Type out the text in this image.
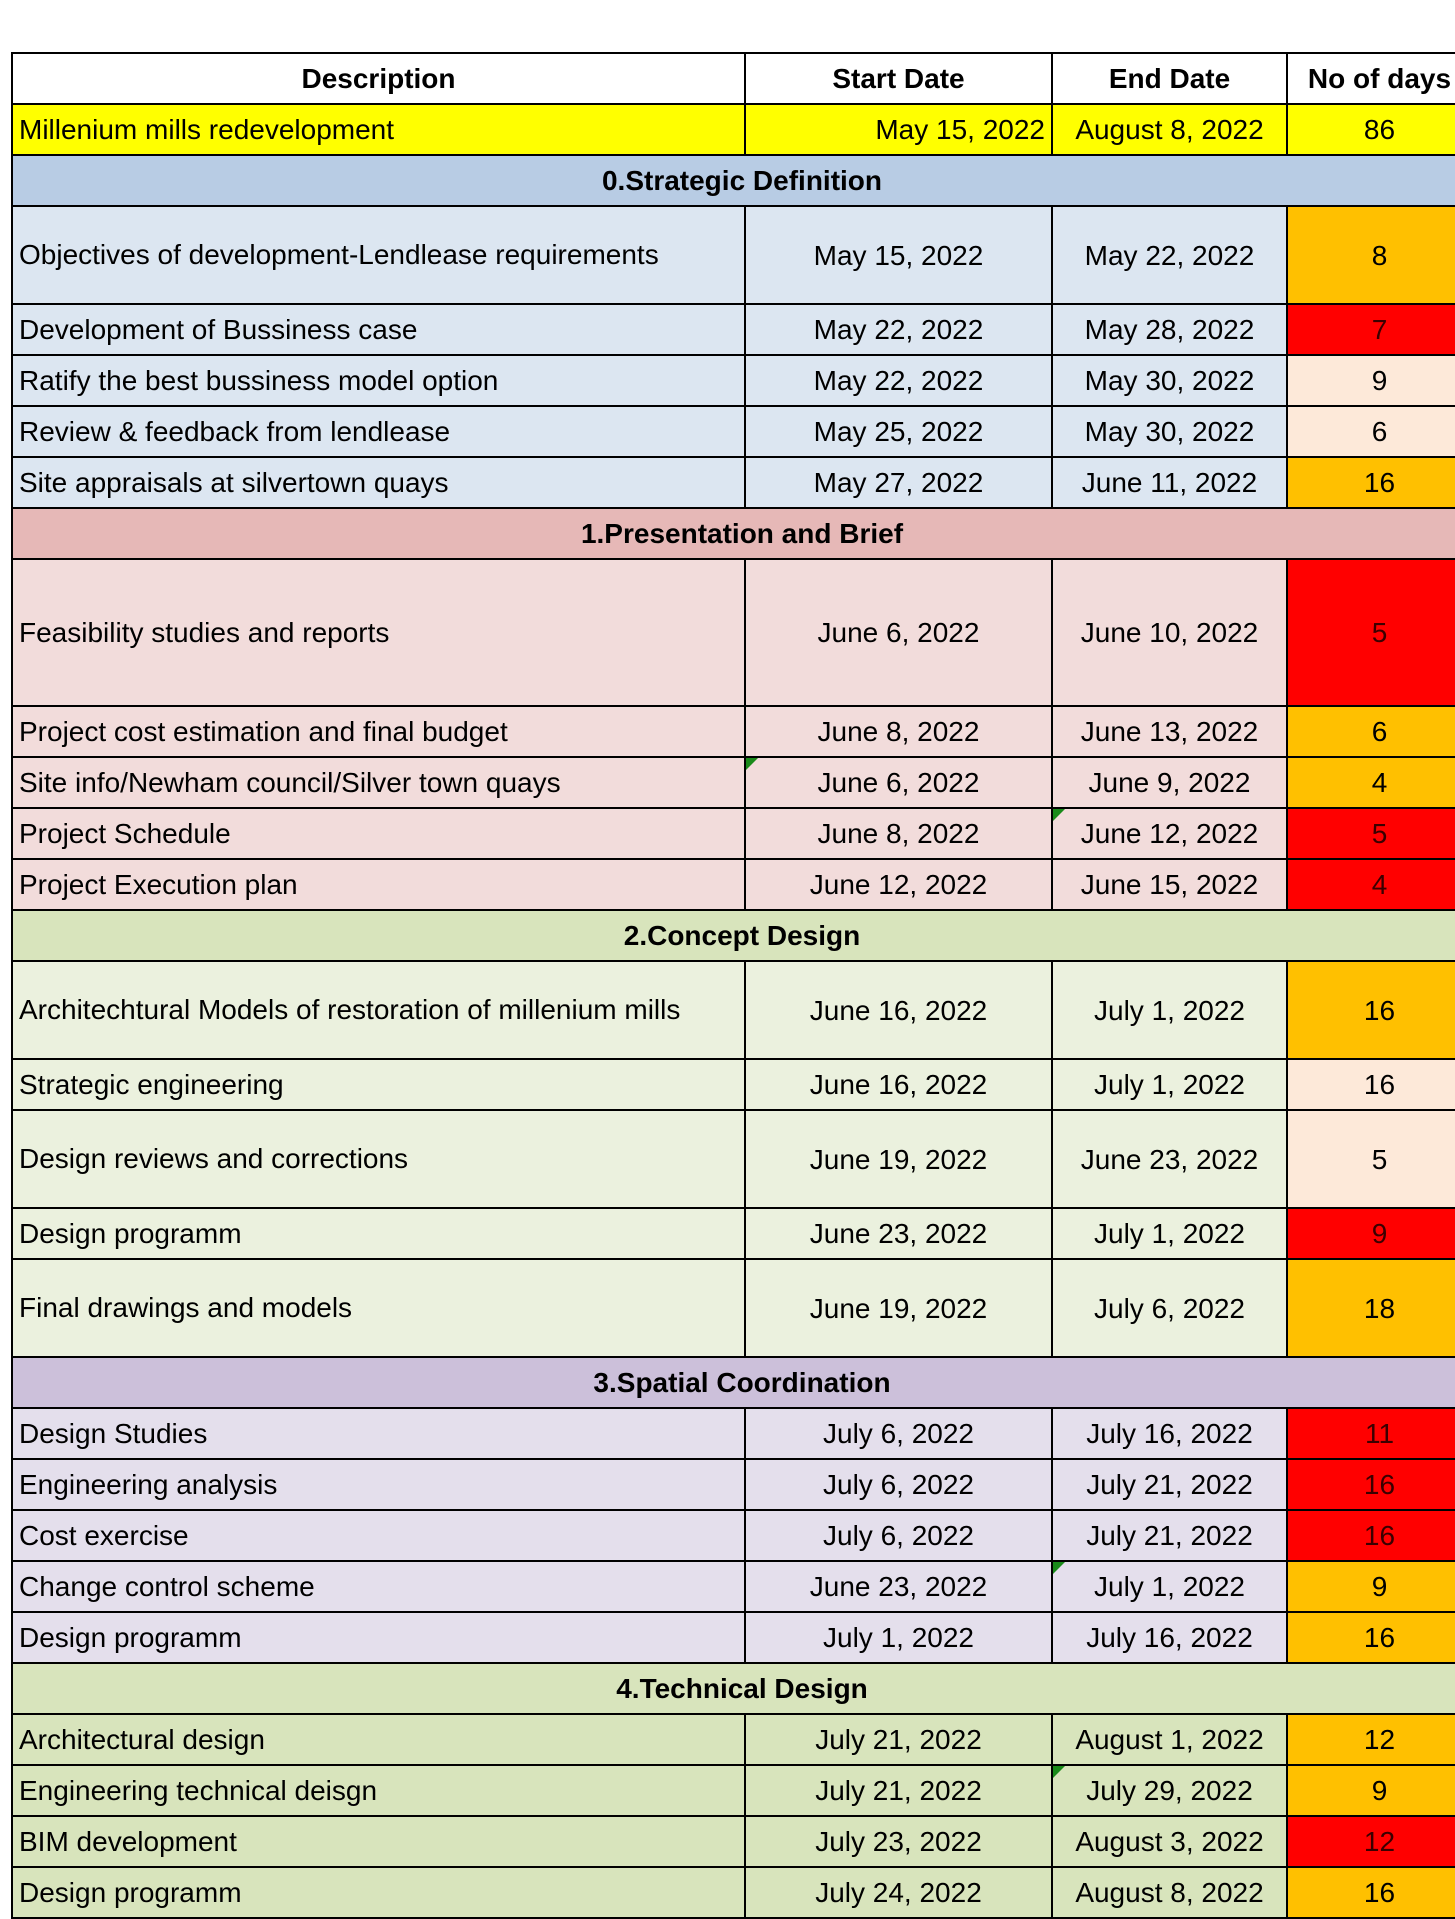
Description	Start Date	End Date	No of days
Millenium mills redevelopment	May 15, 2022	August 8, 2022	86
0.Strategic Definition			
Objectives of development-Lendlease requirements	May 15, 2022	May 22, 2022	8
Development of Bussiness case	May 22, 2022	May 28, 2022	7
Ratify the best bussiness model option	May 22, 2022	May 30, 2022	9
Review & feedback from lendlease	May 25, 2022	May 30, 2022	6
Site appraisals at silvertown quays	May 27, 2022	June 11, 2022	16
1.Presentation and Brief			
Feasibility studies and reports	June 6, 2022	June 10, 2022	5
Project cost estimation and final budget	June 8, 2022	June 13, 2022	6
Site info/Newham council/Silver town quays	June 6, 2022	June 9, 2022	4
Project Schedule	June 8, 2022	June 12, 2022	5
Project Execution plan	June 12, 2022	June 15, 2022	4
2.Concept Design			
Architechtural Models of restoration of millenium mills	June 16, 2022	July 1, 2022	16
Strategic engineering	June 16, 2022	July 1, 2022	16
Design reviews and corrections	June 19, 2022	June 23, 2022	5
Design programm	June 23, 2022	July 1, 2022	9
Final drawings and models	June 19, 2022	July 6, 2022	18
3.Spatial Coordination			
Design Studies	July 6, 2022	July 16, 2022	11
Engineering analysis	July 6, 2022	July 21, 2022	16
Cost exercise	July 6, 2022	July 21, 2022	16
Change control scheme	June 23, 2022	July 1, 2022	9
Design programm	July 1, 2022	July 16, 2022	16
4.Technical Design			
Architectural design	July 21, 2022	August 1, 2022	12
Engineering technical deisgn	July 21, 2022	July 29, 2022	9
BIM development	July 23, 2022	August 3, 2022	12
Design programm	July 24, 2022	August 8, 2022	16
